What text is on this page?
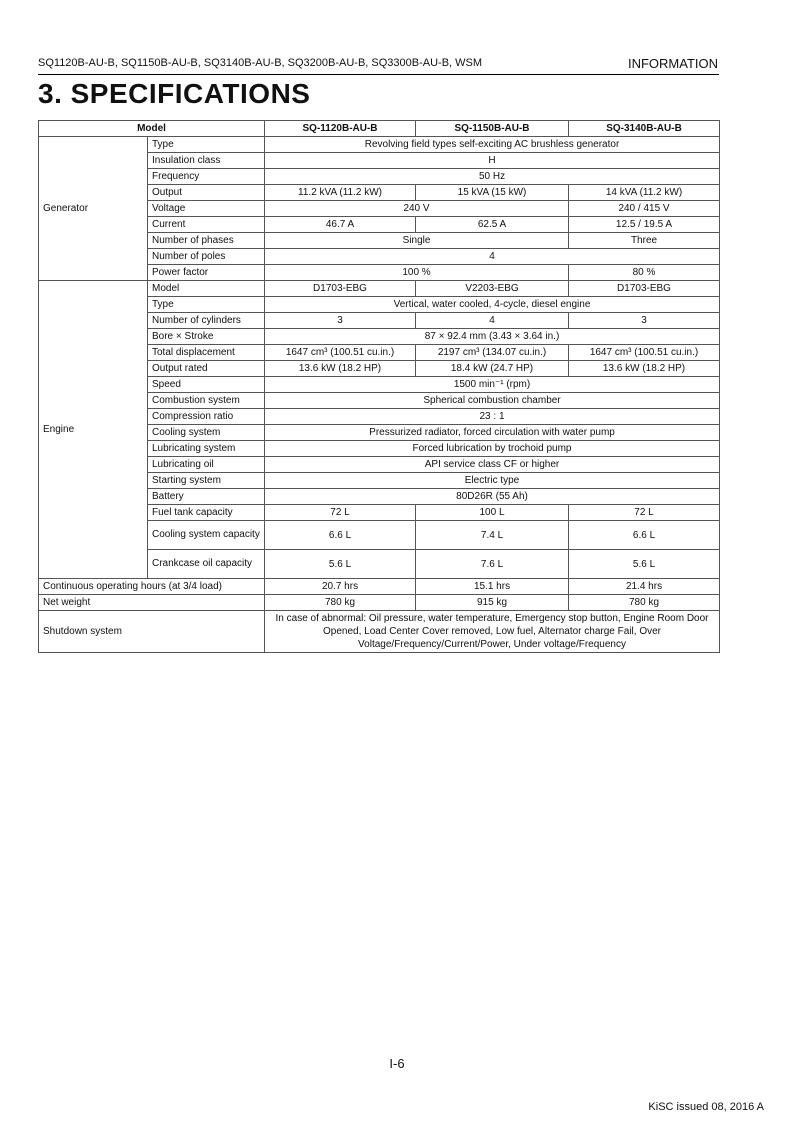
SQ1120B-AU-B, SQ1150B-AU-B, SQ3140B-AU-B, SQ3200B-AU-B, SQ3300B-AU-B, WSM	INFORMATION
3. SPECIFICATIONS
Model		SQ-1120B-AU-B	SQ-1150B-AU-B	SQ-3140B-AU-B
Generator	Type	Revolving field types self-exciting AC brushless generator		
	Insulation class	H		
	Frequency	50 Hz		
	Output	11.2 kVA (11.2 kW)	15 kVA (15 kW)	14 kVA (11.2 kW)
	Voltage	240 V		240 / 415 V
	Current	46.7 A	62.5 A	12.5 / 19.5 A
	Number of phases	Single		Three
	Number of poles	4		
	Power factor	100 %		80 %
Engine	Model	D1703-EBG	V2203-EBG	D1703-EBG
	Type	Vertical, water cooled, 4-cycle, diesel engine		
	Number of cylinders	3	4	3
	Bore × Stroke	87 × 92.4 mm (3.43 × 3.64 in.)		
	Total displacement	1647 cm³ (100.51 cu.in.)	2197 cm³ (134.07 cu.in.)	1647 cm³ (100.51 cu.in.)
	Output rated	13.6 kW (18.2 HP)	18.4 kW (24.7 HP)	13.6 kW (18.2 HP)
	Speed	1500 min⁻¹ (rpm)		
	Combustion system	Spherical combustion chamber		
	Compression ratio	23 : 1		
	Cooling system	Pressurized radiator, forced circulation with water pump		
	Lubricating system	Forced lubrication by trochoid pump		
	Lubricating oil	API service class CF or higher		
	Starting system	Electric type		
	Battery	80D26R (55 Ah)		
	Fuel tank capacity	72 L	100 L	72 L
	Cooling system capacity	6.6 L	7.4 L	6.6 L
	Crankcase oil capacity	5.6 L	7.6 L	5.6 L
Continuous operating hours (at 3/4 load)		20.7 hrs	15.1 hrs	21.4 hrs
Net weight		780 kg	915 kg	780 kg
Shutdown system		In case of abnormal: Oil pressure, water temperature, Emergency stop button, Engine Room Door Opened, Load Center Cover removed, Low fuel, Alternator charge Fail, Over Voltage/Frequency/Current/Power, Under voltage/Frequency		
I-6
KiSC issued 08, 2016 A
